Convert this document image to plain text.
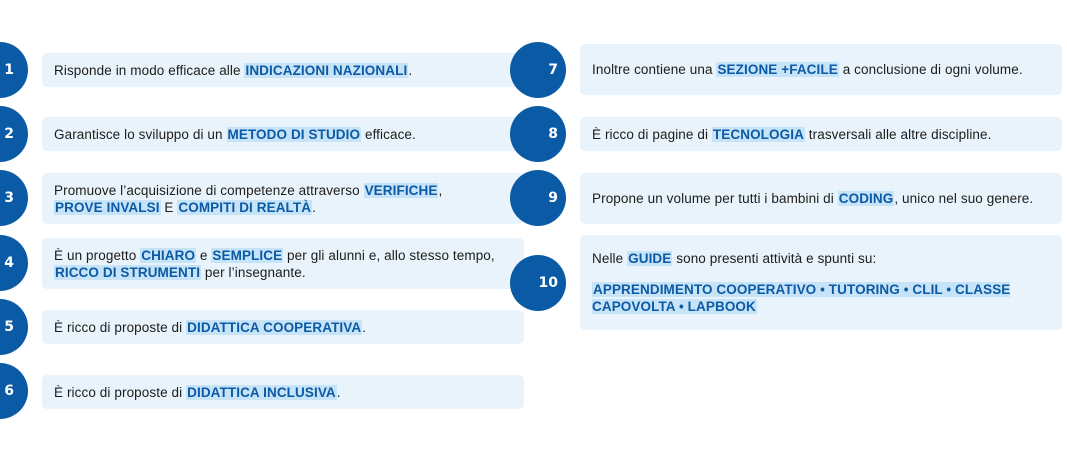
1	Risponde in modo efficace alle INDICAZIONI NAZIONALI.
2	Garantisce lo sviluppo di un METODO DI STUDIO efficace.
3	Promuove l’acquisizione di competenze attraverso VERIFICHE,
PROVE INVALSI E COMPITI DI REALTÀ.
4	È un progetto CHIARO e SEMPLICE per gli alunni e, allo stesso tempo, RICCO DI STRUMENTI per l’insegnante.
5	È ricco di proposte di DIDATTICA COOPERATIVA.
6	È ricco di proposte di DIDATTICA INCLUSIVA.
7	Inoltre contiene una SEZIONE +FACILE a conclusione di ogni volume.
8	È ricco di pagine di TECNOLOGIA trasversali alle altre discipline.
9	Propone un volume per tutti i bambini di CODING, unico nel suo genere.
10
Nelle GUIDE sono presenti attività e spunti su:
APPRENDIMENTO COOPERATIVO • TUTORING • CLIL • CLASSE CAPOVOLTA • LAPBOOK
